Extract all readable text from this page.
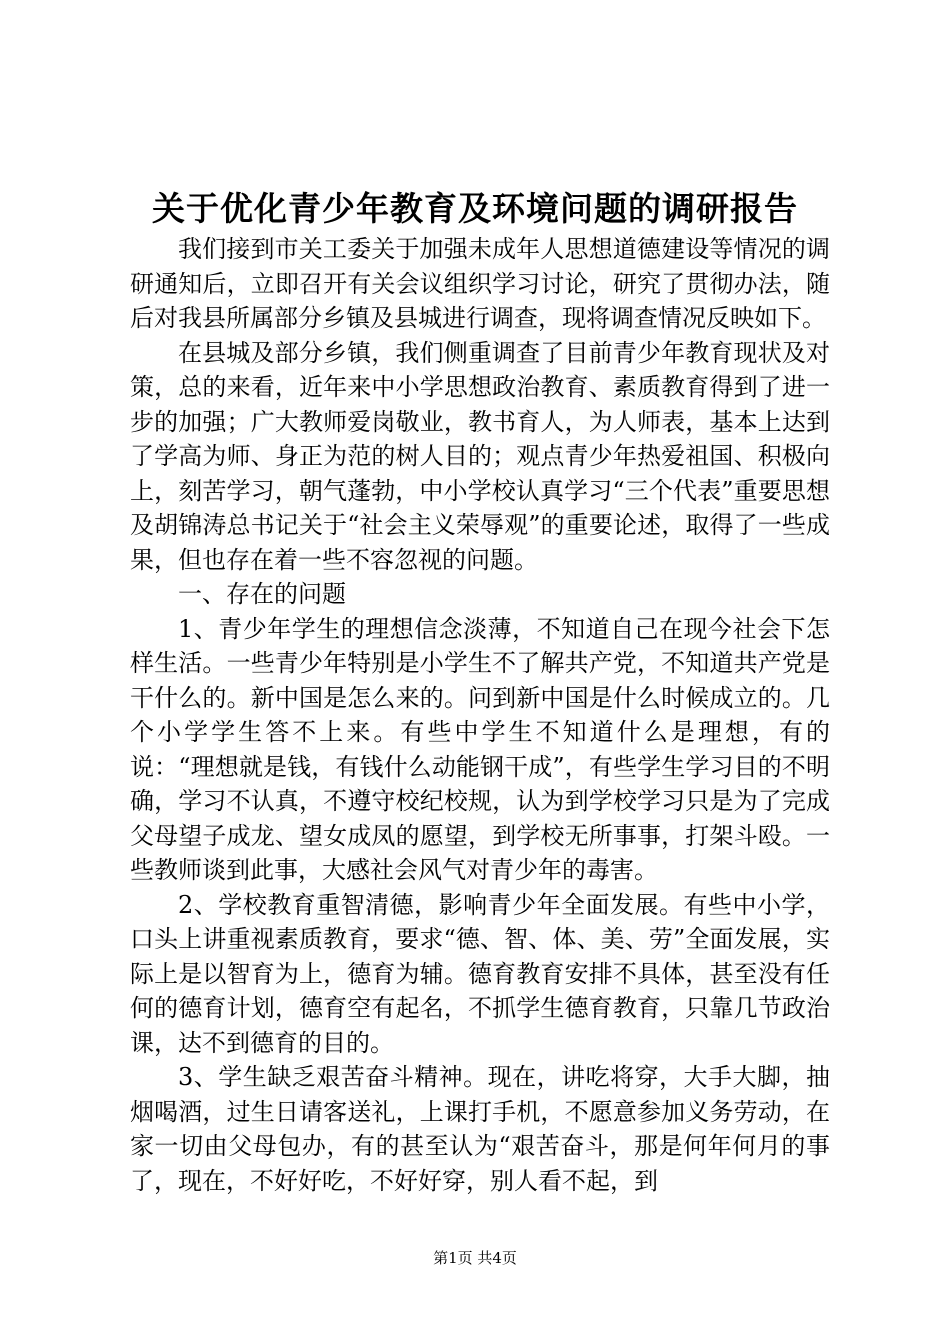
关于优化青少年教育及环境问题的调研报告

我们接到市关工委关于加强未成年人思想道德建设等情况的调研通知后，立即召开有关会议组织学习讨论，研究了贯彻办法，随后对我县所属部分乡镇及县城进行调查，现将调查情况反映如下。

在县城及部分乡镇，我们侧重调查了目前青少年教育现状及对策，总的来看，近年来中小学思想政治教育、素质教育得到了进一步的加强；广大教师爱岗敬业，教书育人，为人师表，基本上达到了学高为师、身正为范的树人目的；观点青少年热爱祖国、积极向上，刻苦学习，朝气蓬勃，中小学校认真学习“三个代表”重要思想及胡锦涛总书记关于“社会主义荣辱观”的重要论述，取得了一些成果，但也存在着一些不容忽视的问题。

一、存在的问题

1、青少年学生的理想信念淡薄，不知道自己在现今社会下怎样生活。一些青少年特别是小学生不了解共产党，不知道共产党是干什么的。新中国是怎么来的。问到新中国是什么时候成立的。几个小学学生答不上来。有些中学生不知道什么是理想，有的说：“理想就是钱，有钱什么动能钢干成”，有些学生学习目的不明确，学习不认真，不遵守校纪校规，认为到学校学习只是为了完成父母望子成龙、望女成凤的愿望，到学校无所事事，打架斗殴。一些教师谈到此事，大感社会风气对青少年的毒害。

2、学校教育重智清德，影响青少年全面发展。有些中小学，口头上讲重视素质教育，要求“德、智、体、美、劳”全面发展，实际上是以智育为上，德育为辅。德育教育安排不具体，甚至没有任何的德育计划，德育空有起名，不抓学生德育教育，只靠几节政治课，达不到德育的目的。

3、学生缺乏艰苦奋斗精神。现在，讲吃将穿，大手大脚，抽烟喝酒，过生日请客送礼，上课打手机，不愿意参加义务劳动，在家一切由父母包办，有的甚至认为“艰苦奋斗，那是何年何月的事了，现在，不好好吃，不好好穿，别人看不起，到

第1页 共4页
